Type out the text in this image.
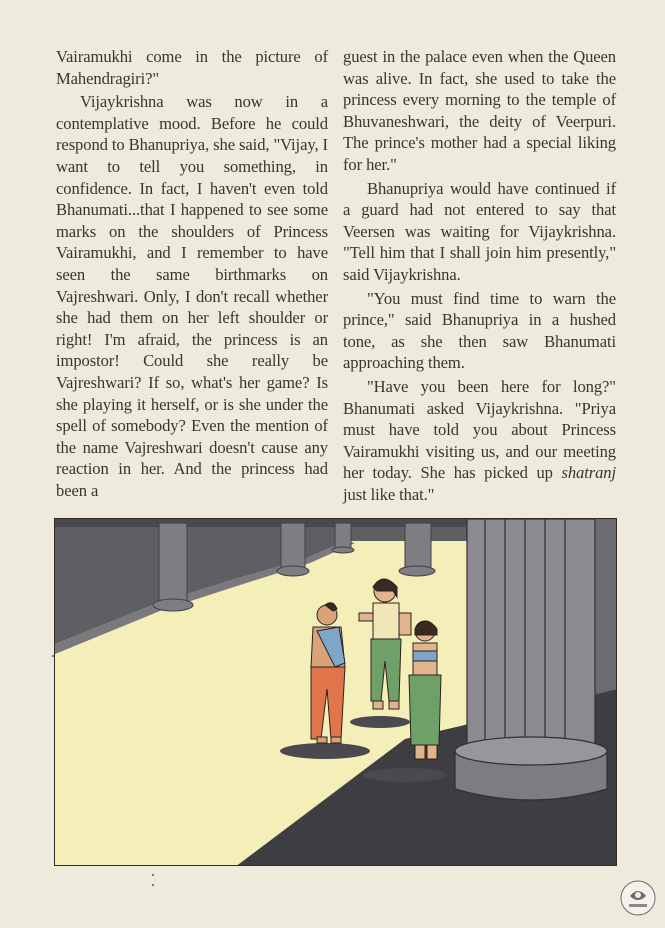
Vairamukhi come in the picture of Mahendragiri?"

Vijaykrishna was now in a contemplative mood. Before he could respond to Bhanupriya, she said, "Vijay, I want to tell you something, in confidence. In fact, I haven't even told Bhanumati...that I happened to see some marks on the shoulders of Princess Vairamukhi, and I remember to have seen the same birthmarks on Vajreshwari. Only, I don't recall whether she had them on her left shoulder or right! I'm afraid, the princess is an impostor! Could she really be Vajreshwari? If so, what's her game? Is she playing it herself, or is she under the spell of somebody? Even the mention of the name Vajreshwari doesn't cause any reaction in her. And the princess had been a

guest in the palace even when the Queen was alive. In fact, she used to take the princess every morning to the temple of Bhuvaneshwari, the deity of Veerpuri. The prince's mother had a special liking for her."

Bhanupriya would have continued if a guard had not entered to say that Veersen was waiting for Vijaykrishna. "Tell him that I shall join him presently," said Vijaykrishna.

"You must find time to warn the prince," said Bhanupriya in a hushed tone, as she then saw Bhanumati approaching them.

"Have you been here for long?" Bhanumati asked Vijaykrishna. "Priya must have told you about Princess Vairamukhi visiting us, and our meeting her today. She has picked up shatranj just like that."
